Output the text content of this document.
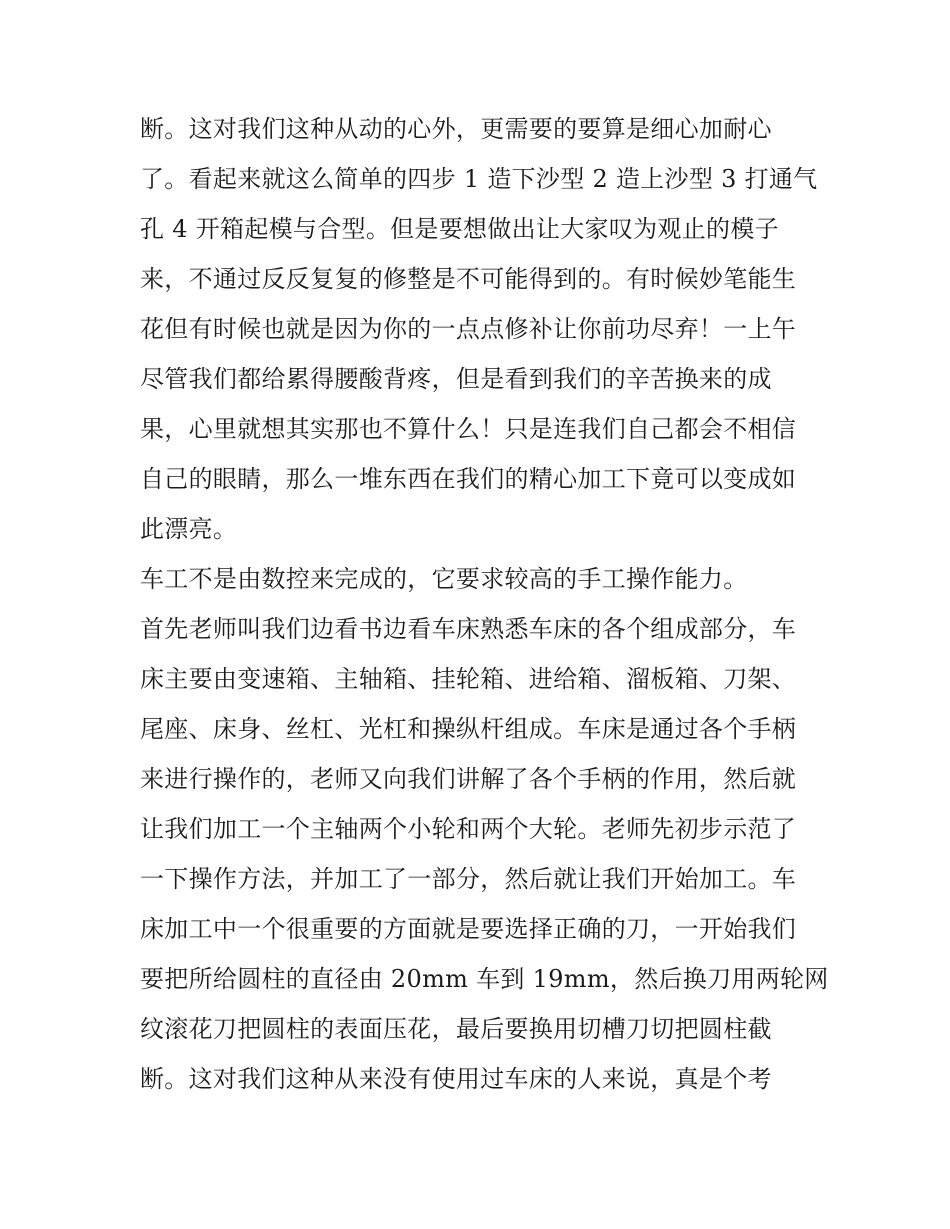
断。这对我们这种从动的心外，更需要的要算是细心加耐心
了。看起来就这么简单的四步 1 造下沙型 2 造上沙型 3 打通气
孔 4 开箱起模与合型。但是要想做出让大家叹为观止的模子
来，不通过反反复复的修整是不可能得到的。有时候妙笔能生
花但有时候也就是因为你的一点点修补让你前功尽弃！一上午
尽管我们都给累得腰酸背疼，但是看到我们的辛苦换来的成
果，心里就想其实那也不算什么！只是连我们自己都会不相信
自己的眼睛，那么一堆东西在我们的精心加工下竟可以变成如
此漂亮。
车工不是由数控来完成的，它要求较高的手工操作能力。
首先老师叫我们边看书边看车床熟悉车床的各个组成部分，车
床主要由变速箱、主轴箱、挂轮箱、进给箱、溜板箱、刀架、
尾座、床身、丝杠、光杠和操纵杆组成。车床是通过各个手柄
来进行操作的，老师又向我们讲解了各个手柄的作用，然后就
让我们加工一个主轴两个小轮和两个大轮。老师先初步示范了
一下操作方法，并加工了一部分，然后就让我们开始加工。车
床加工中一个很重要的方面就是要选择正确的刀，一开始我们
要把所给圆柱的直径由 20mm 车到 19mm，然后换刀用两轮网
纹滚花刀把圆柱的表面压花，最后要换用切槽刀切把圆柱截
断。这对我们这种从来没有使用过车床的人来说，真是个考
